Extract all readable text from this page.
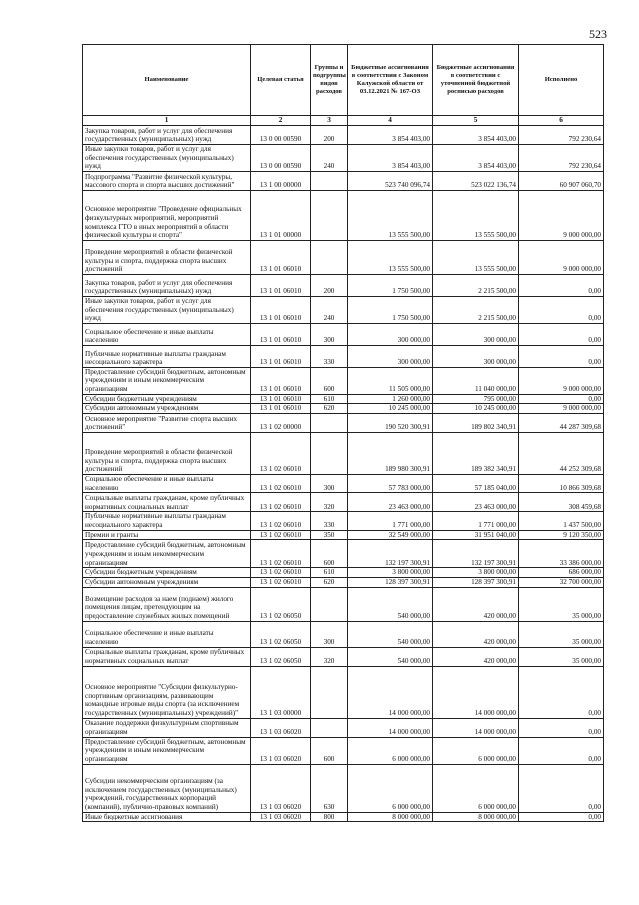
523
Наименование	Целевая статья	Группы и подгруппы видов расходов	Бюджетные ассигнования в соответствии с Законом Калужской области от 03.12.2021 № 167-ОЗ	Бюджетные ассигнования в соответствии с уточненной бюджетной росписью расходов	Исполнено
1	2	3	4	5	6
Закупка товаров, работ и услуг для обеспечения государственных (муниципальных) нужд	13 0 00 00590	200	3 854 403,00	3 854 403,00	792 230,64
Иные закупки товаров, работ и услуг для обеспечения государственных (муниципальных) нужд	13 0 00 00590	240	3 854 403,00	3 854 403,00	792 230,64
Подпрограмма "Развитие физической культуры, массового спорта и спорта высших достижений"	13 1 00 00000		523 740 096,74	523 022 136,74	60 907 060,70
Основное мероприятие "Проведение официальных физкультурных мероприятий, мероприятий комплекса ГТО в иных мероприятий в области физической культуры и спорта"	13 1 01 00000		13 555 500,00	13 555 500,00	9 000 000,00
Проведение мероприятий в области физической культуры и спорта, поддержка спорта высших достижений	13 1 01 06010		13 555 500,00	13 555 500,00	9 000 000,00
Закупка товаров, работ и услуг для обеспечения государственных (муниципальных) нужд	13 1 01 06010	200	1 750 500,00	2 215 500,00	0,00
Иные закупки товаров, работ и услуг для обеспечения государственных (муниципальных) нужд	13 1 01 06010	240	1 750 500,00	2 215 500,00	0,00
Социальное обеспечение и иные выплаты населению	13 1 01 06010	300	300 000,00	300 000,00	0,00
Публичные нормативные выплаты гражданам несоциального характера	13 1 01 06010	330	300 000,00	300 000,00	0,00
Предоставление субсидий бюджетным, автономным учреждениям и иным некоммерческим организациям	13 1 01 06010	600	11 505 000,00	11 040 000,00	9 000 000,00
Субсидии бюджетным учреждениям	13 1 01 06010	610	1 260 000,00	795 000,00	0,00
Субсидии автономным учреждениям	13 1 01 06010	620	10 245 000,00	10 245 000,00	9 000 000,00
Основное мероприятие "Развитие спорта высших достижений"	13 1 02 00000		190 520 300,91	189 802 340,91	44 287 309,68
Проведение мероприятий в области физической культуры и спорта, поддержка спорта высших достижений	13 1 02 06010		189 980 300,91	189 382 340,91	44 252 309,68
Социальное обеспечение и иные выплаты населению	13 1 02 06010	300	57 783 000,00	57 185 040,00	10 866 309,68
Социальные выплаты гражданам, кроме публичных нормативных социальных выплат	13 1 02 06010	320	23 463 000,00	23 463 000,00	308 459,68
Публичные нормативные выплаты гражданам несоциального характера	13 1 02 06010	330	1 771 000,00	1 771 000,00	1 437 500,00
Премии и гранты	13 1 02 06010	350	32 549 000,00	31 951 040,00	9 120 350,00
Предоставление субсидий бюджетным, автономным учреждениям и иным некоммерческим организациям	13 1 02 06010	600	132 197 300,91	132 197 300,91	33 386 000,00
Субсидии бюджетным учреждениям	13 1 02 06010	610	3 800 000,00	3 800 000,00	686 000,00
Субсидии автономным учреждениям	13 1 02 06010	620	128 397 300,91	128 397 300,91	32 700 000,00
Возмещение расходов за наем (поднаем) жилого помещения лицам, претендующим на предоставление служебных жилых помещений	13 1 02 06050		540 000,00	420 000,00	35 000,00
Социальное обеспечение и иные выплаты населению	13 1 02 06050	300	540 000,00	420 000,00	35 000,00
Социальные выплаты гражданам, кроме публичных нормативных социальных выплат	13 1 02 06050	320	540 000,00	420 000,00	35 000,00
Основное мероприятие "Субсидии физкультурно-спортивным организациям, развивающим командные игровые виды спорта (за исключением государственных (муниципальных) учреждений)"	13 1 03 00000		14 000 000,00	14 000 000,00	0,00
Оказание поддержки физкультурным спортивным организациям	13 1 03 06020		14 000 000,00	14 000 000,00	0,00
Предоставление субсидий бюджетным, автономным учреждениям и иным некоммерческим организациям	13 1 03 06020	600	6 000 000,00	6 000 000,00	0,00
Субсидии некоммерческим организациям (за исключением государственных (муниципальных) учреждений, государственных корпораций (компаний), публично-правовых компаний)	13 1 03 06020	630	6 000 000,00	6 000 000,00	0,00
Иные бюджетные ассигнования	13 1 03 06020	800	8 000 000,00	8 000 000,00	0,00
